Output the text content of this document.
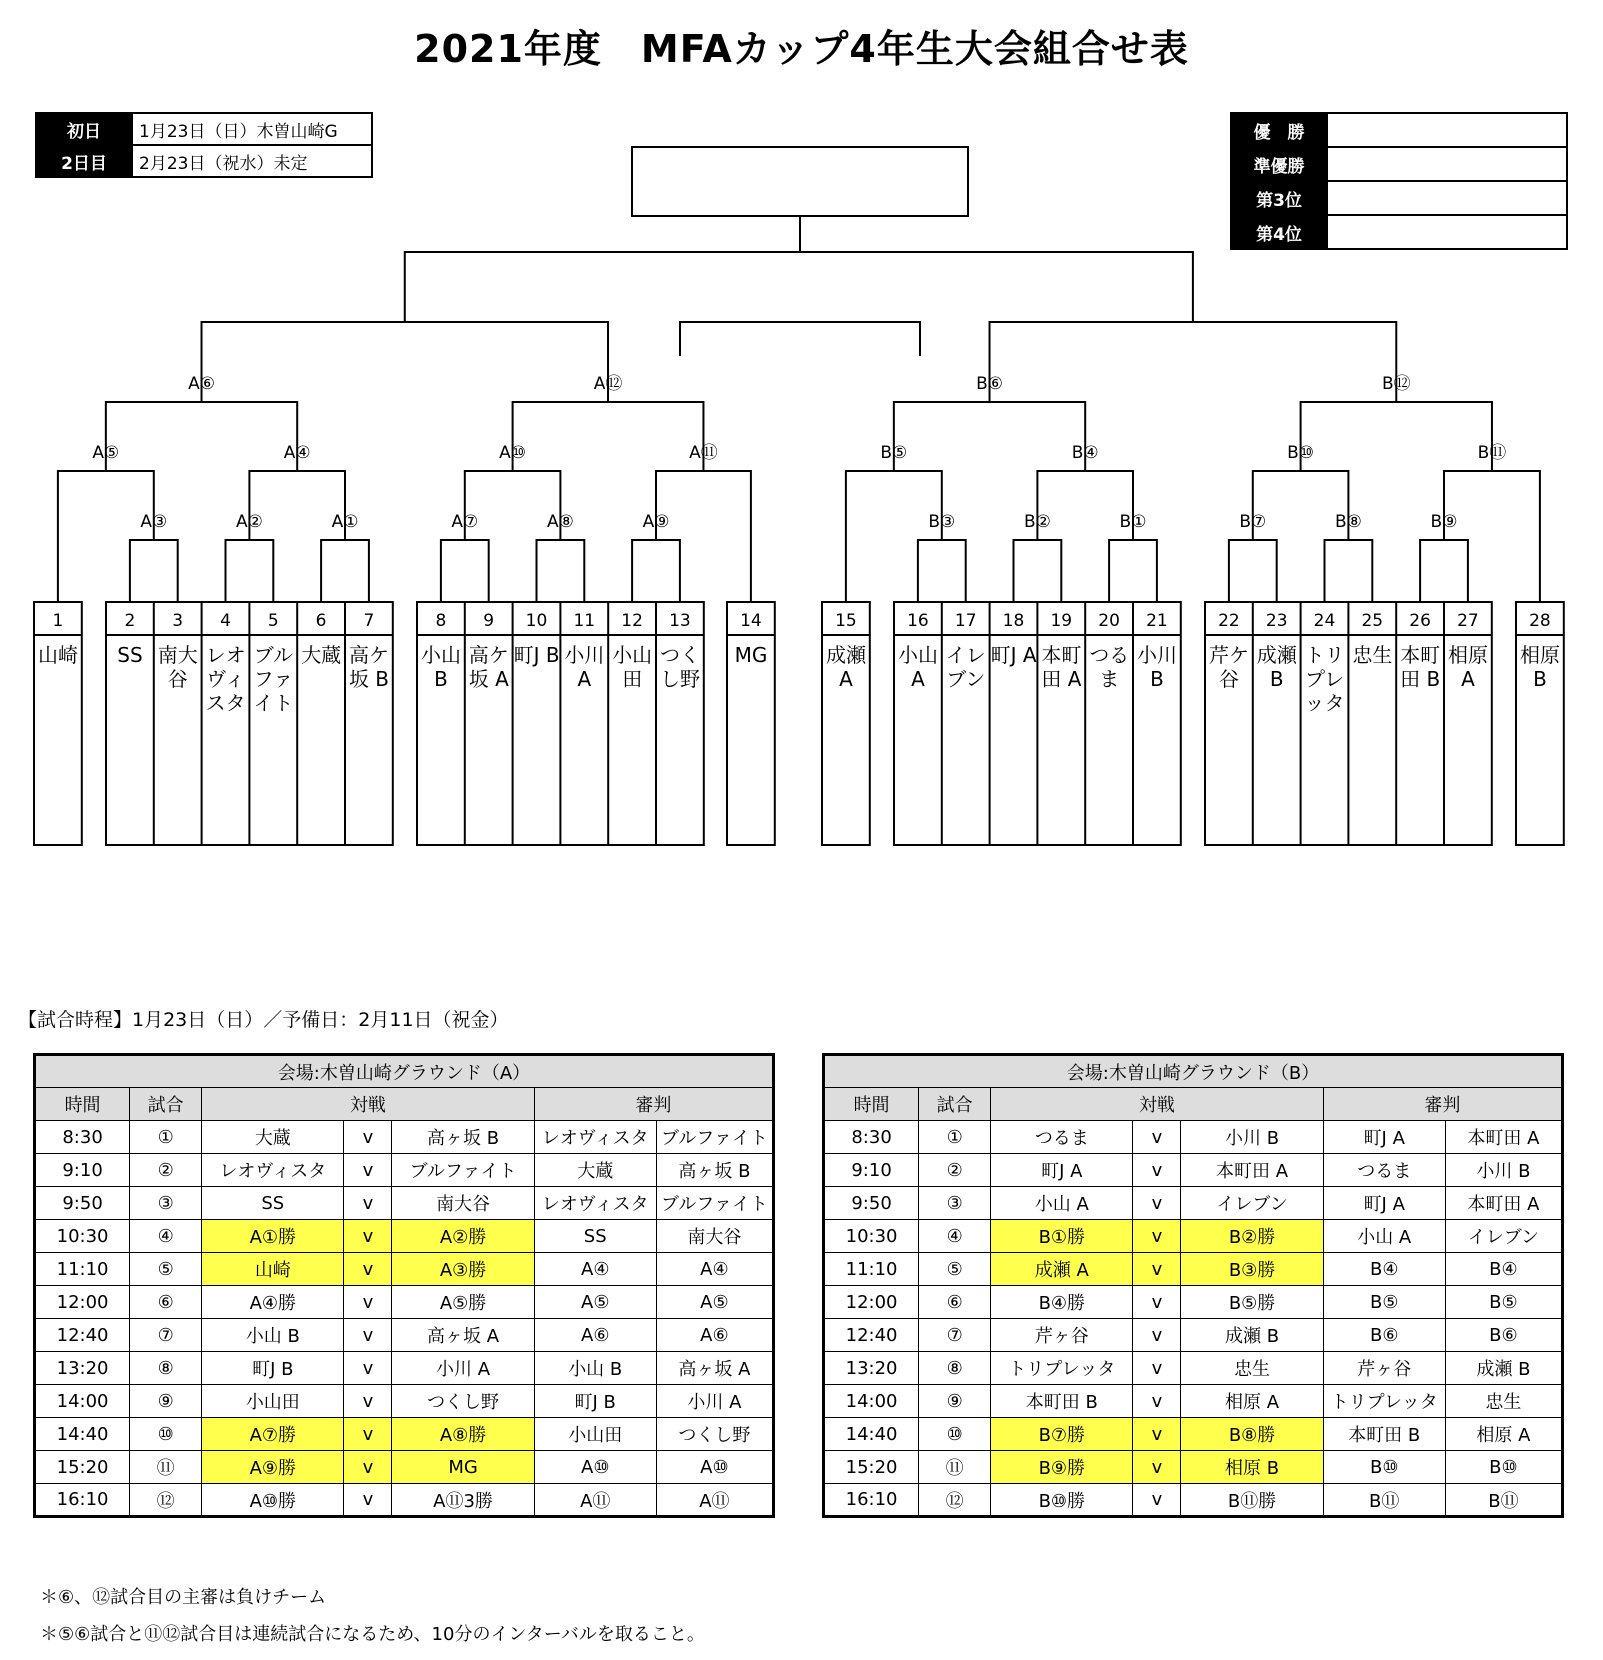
2021年度　MFAカップ4年生大会組合せ表
初日	1月23日（日）木曽山崎G
2日目	2月23日（祝水）未定
優　勝	
準優勝	
第3位	
第4位	
1	2 3 4 5 6 7	8 9 10 11 12 13	14	15	16 17 18 19 20 21	22 23 24 25 26 27	28
A③	A②	A①
A⑤	A④
A⑥
A⑦	A⑧	A⑨
A⑩	A⑪
A⑫
B③	B②	B①
B⑤	B④
B⑥
B⑦	B⑧	B⑨
B⑩	B⑪
B⑫
山崎	SS 南大谷
レオヴィスタ
ブルファイト
大蔵 高ケ坂 B
小山 B
高ケ坂 A
町J B 小川 A
小山田
つくし野
MG	成瀬 A
小山 A
イレブン
町J A 本町田 A
つるま
小川 B
芹ケ谷
成瀬 B
トリプレッタ
忠生 本町田 B
相原 A
相原 B
【試合時程】1月23日（日）／予備日：2月11日（祝金）
会場:木曽山崎グラウンド（A）						
時間	試合	対戦			審判	
8:30	①	大蔵	v	高ヶ坂 B	レオヴィスタ	ブルファイト
9:10	②	レオヴィスタ	v	ブルファイト	大蔵	高ヶ坂 B
9:50	③	SS	v	南大谷	レオヴィスタ	ブルファイト
10:30	④	A①勝	v	A②勝	SS	南大谷
11:10	⑤	山崎	v	A③勝	A④	A④
12:00	⑥	A④勝	v	A⑤勝	A⑤	A⑤
12:40	⑦	小山 B	v	高ヶ坂 A	A⑥	A⑥
13:20	⑧	町J B	v	小川 A	小山 B	高ヶ坂 A
14:00	⑨	小山田	v	つくし野	町J B	小川 A
14:40	⑩	A⑦勝	v	A⑧勝	小山田	つくし野
15:20	⑪	A⑨勝	v	MG	A⑩	A⑩
16:10	⑫	A⑩勝	v	A⑪3勝	A⑪	A⑪
会場:木曽山崎グラウンド（B）						
時間	試合	対戦			審判	
8:30	①	つるま	v	小川 B	町J A	本町田 A
9:10	②	町J A	v	本町田 A	つるま	小川 B
9:50	③	小山 A	v	イレブン	町J A	本町田 A
10:30	④	B①勝	v	B②勝	小山 A	イレブン
11:10	⑤	成瀬 A	v	B③勝	B④	B④
12:00	⑥	B④勝	v	B⑤勝	B⑤	B⑤
12:40	⑦	芹ヶ谷	v	成瀬 B	B⑥	B⑥
13:20	⑧	トリプレッタ	v	忠生	芹ヶ谷	成瀬 B
14:00	⑨	本町田 B	v	相原 A	トリプレッタ	忠生
14:40	⑩	B⑦勝	v	B⑧勝	本町田 B	相原 A
15:20	⑪	B⑨勝	v	相原 B	B⑩	B⑩
16:10	⑫	B⑩勝	v	B⑪勝	B⑪	B⑪
＊⑥、⑫試合目の主審は負けチーム
＊⑤⑥試合と⑪⑫試合目は連続試合になるため、10分のインターバルを取ること。
